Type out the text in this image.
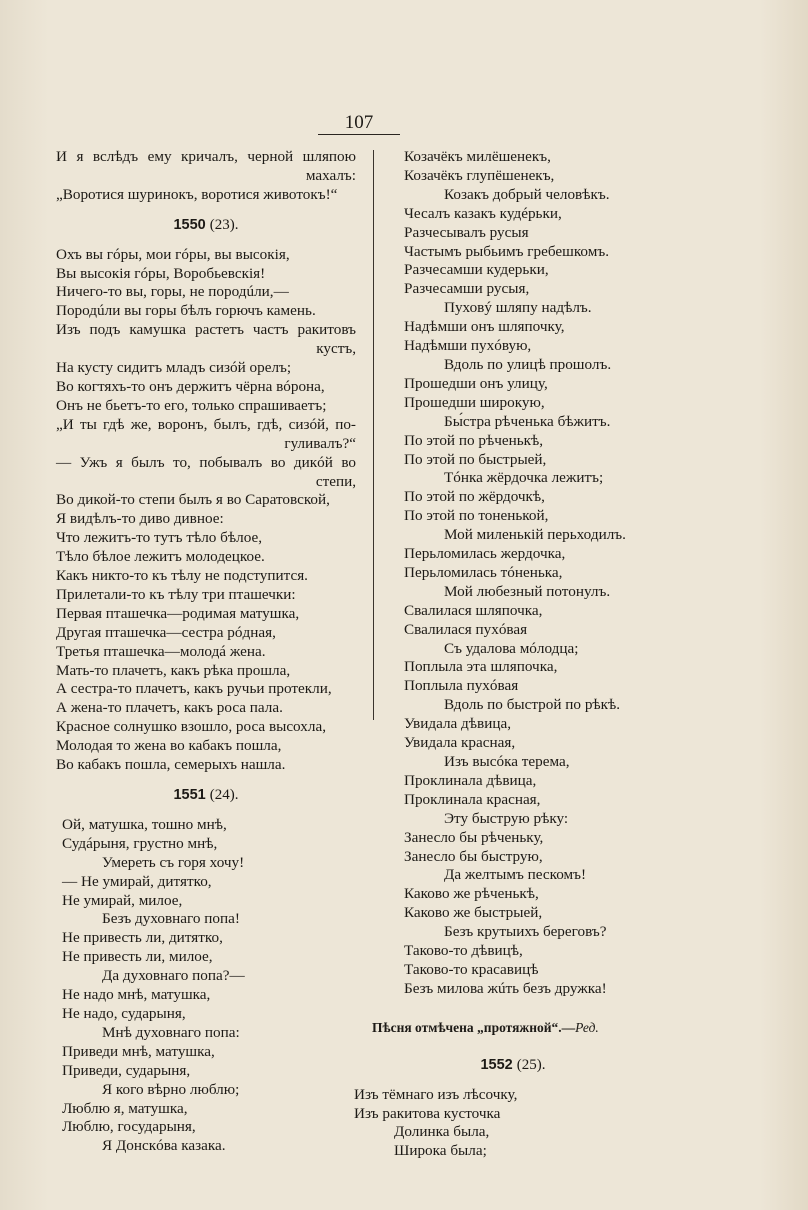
107
И я вслѣдъ ему кричалъ, черной шляпою
махалъ:
„Воротися шуринокъ, воротися животокъ!“
1550 (23).
Охъ вы гóры, мои гóры, вы высокія,
Вы высокія гóры, Воробьевскія!
Ничего-то вы, горы, не породúли,—
Породúли вы горы бѣлъ горючъ камень.
Изъ подъ камушка растетъ частъ ракитовъ
кустъ,
На кусту сидитъ младъ сизóй орелъ;
Во когтяхъ-то онъ держитъ чёрна вóрона,
Онъ не бьетъ-то его, только спрашиваетъ;
„И ты гдѣ же, воронъ, былъ, гдѣ, сизóй, по-
гуливалъ?“
— Ужъ я былъ то, побывалъ во дикóй во
степи,
Во дикой-то степи былъ я во Саратовской,
Я видѣлъ-то диво дивное:
Что лежитъ-то тутъ тѣло бѣлое,
Тѣло бѣлое лежитъ молодецкое.
Какъ никто-то къ тѣлу не подступится.
Прилетали-то къ тѣлу три пташечки:
Первая пташечка—родимая матушка,
Другая пташечка—сестра рóдная,
Третья пташечка—молодá жена.
Мать-то плачетъ, какъ рѣка прошла,
А сестра-то плачетъ, какъ ручьи протекли,
А жена-то плачетъ, какъ роса пала.
Красное солнушко взошло, роса высохла,
Молодая то жена во кабакъ пошла,
Во кабакъ пошла, семерыхъ нашла.
1551 (24).
Ой, матушка, тошно мнѣ,
Судáрыня, грустно мнѣ,
Умереть съ горя хочу!
— Не умирай, дитятко,
Не умирай, милое,
Безъ духовнаго попа!
Не привесть ли, дитятко,
Не привесть ли, милое,
Да духовнаго попа?—
Не надо мнѣ, матушка,
Не надо, сударыня,
Мнѣ духовнаго попа:
Приведи мнѣ, матушка,
Приведи, сударыня,
Я кого вѣрно люблю;
Люблю я, матушка,
Люблю, государыня,
Я Донскóва казака.
Козачёкъ милёшенекъ,
Козачёкъ глупёшенекъ,
Козакъ добрый человѣкъ.
Чесалъ казакъ кудéрьки,
Разчесывалъ русыя
Частымъ рыбьимъ гребешкомъ.
Разчесамши кудерьки,
Разчесамши русыя,
Пуховý шляпу надѣлъ.
Надѣмши онъ шляпочку,
Надѣмши пухóвую,
Вдоль по улицѣ прошолъ.
Прошедши онъ улицу,
Прошедши широкую,
Бы́стра рѣченька бѣжитъ.
По этой по рѣченькѣ,
По этой по быстрыей,
Тóнка жёрдочка лежитъ;
По этой по жёрдочкѣ,
По этой по тоненькой,
Мой миленькій перьходилъ.
Перьломилась жердочка,
Перьломилась тóненька,
Мой любезный потонулъ.
Свалилася шляпочка,
Свалилася пухóвая
Съ удалова мóлодца;
Поплыла эта шляпочка,
Поплыла пухóвая
Вдоль по быстрой по рѣкѣ.
Увидала дѣвица,
Увидала красная,
Изъ высóка терема,
Проклинала дѣвица,
Проклинала красная,
Эту быструю рѣку:
Занесло бы рѣченьку,
Занесло бы быструю,
Да желтымъ пескомъ!
Каково же рѣченькѣ,
Каково же быстрыей,
Безъ крутыихъ береговъ?
Таково-то дѣвицѣ,
Таково-то красавицѣ
Безъ милова жúть безъ дружка!
Пѣсня отмѣчена „протяжной“.—Ред.
1552 (25).
Изъ тёмнаго изъ лѣсочку,
Изъ ракитова кусточка
Долинка была,
Широка была;
